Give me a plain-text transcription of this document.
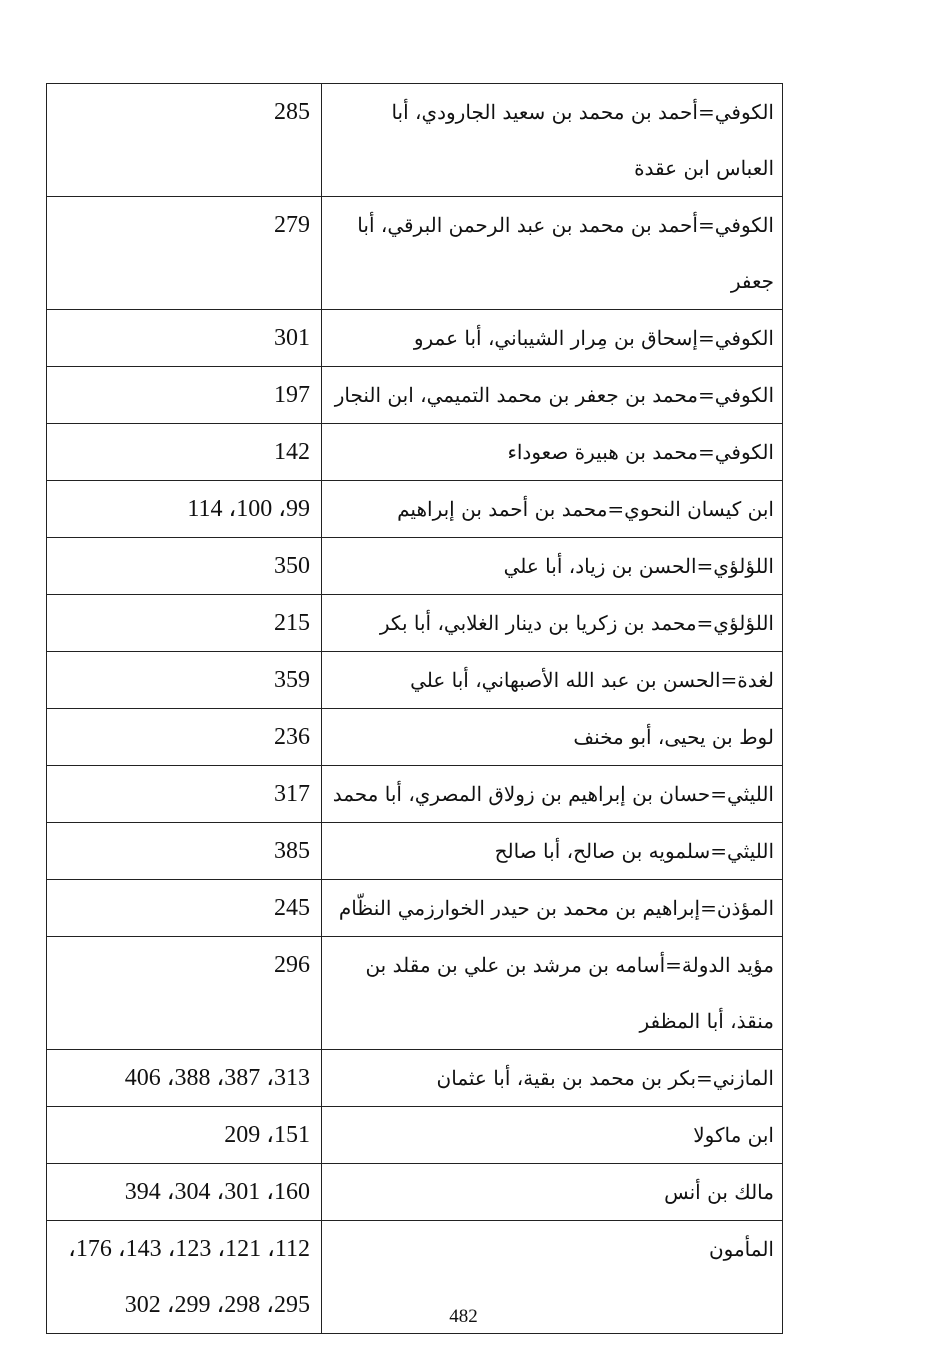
285	الكوفي=أحمد بن محمد بن سعيد الجارودي، أبا العباس ابن عقدة
279	الكوفي=أحمد بن محمد بن عبد الرحمن البرقي، أبا جعفر
301	الكوفي=إسحاق بن مِرار الشيباني، أبا عمرو
197	الكوفي=محمد بن جعفر بن محمد التميمي، ابن النجار
142	الكوفي=محمد بن هبيرة صعوداء
99، 100، 114	ابن كيسان النحوي=محمد بن أحمد بن إبراهيم
350	اللؤلؤي=الحسن بن زياد، أبا علي
215	اللؤلؤي=محمد بن زكريا بن دينار الغلابي، أبا بكر
359	لغدة=الحسن بن عبد الله الأصبهاني، أبا علي
236	لوط بن يحيى، أبو مخنف
317	الليثي=حسان بن إبراهيم بن زولاق المصري، أبا محمد
385	الليثي=سلمويه بن صالح، أبا صالح
245	المؤذن=إبراهيم بن محمد بن حيدر الخوارزمي النظّام
296	مؤيد الدولة=أسامه بن مرشد بن علي بن مقلد بن منقذ، أبا المظفر
313، 387، 388، 406	المازني=بكر بن محمد بن بقية، أبا عثمان
151، 209	ابن ماكولا
160، 301، 304، 394	مالك بن أنس
112، 121، 123، 143، 176، 295، 298، 299، 302	المأمون
482
